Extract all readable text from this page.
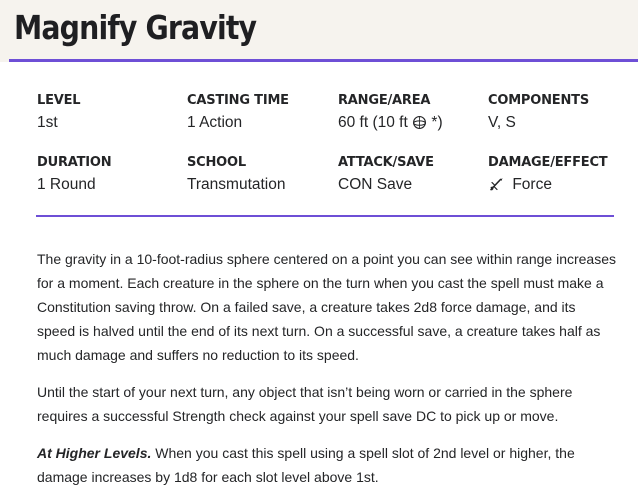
Magnify Gravity
LEVEL
1st
CASTING TIME
1 Action
RANGE/AREA
60 ft (10 ft *)
COMPONENTS
V, S
DURATION
1 Round
SCHOOL
Transmutation
ATTACK/SAVE
CON Save
DAMAGE/EFFECT
Force

The gravity in a 10-foot-radius sphere centered on a point you can see within range increases for a moment. Each creature in the sphere on the turn when you cast the spell must make a Constitution saving throw. On a failed save, a creature takes 2d8 force damage, and its speed is halved until the end of its next turn. On a successful save, a creature takes half as much damage and suffers no reduction to its speed.

Until the start of your next turn, any object that isn’t being worn or carried in the sphere requires a successful Strength check against your spell save DC to pick up or move.

At Higher Levels. When you cast this spell using a spell slot of 2nd level or higher, the damage increases by 1d8 for each slot level above 1st.
